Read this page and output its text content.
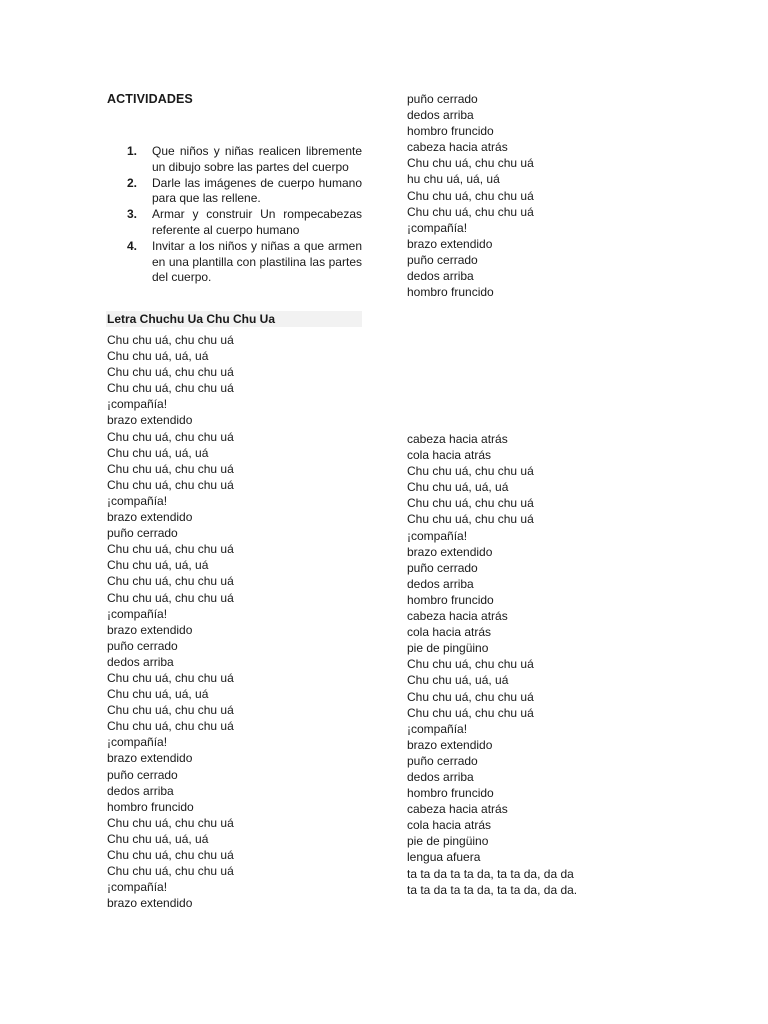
ACTIVIDADES
1.	Que niños y niñas realicen libremente un dibujo sobre las partes del cuerpo
2.	Darle las imágenes de cuerpo humano para que las rellene.
3.	Armar y construir Un rompecabezas referente al cuerpo humano
4.	Invitar a los niños y niñas a que armen en una plantilla con plastilina las partes del cuerpo.
Letra Chuchu Ua Chu Chu Ua
Chu chu uá, chu chu uá
Chu chu uá, uá, uá
Chu chu uá, chu chu uá
Chu chu uá, chu chu uá
¡compañía!
brazo extendido
Chu chu uá, chu chu uá
Chu chu uá, uá, uá
Chu chu uá, chu chu uá
Chu chu uá, chu chu uá
¡compañía!
brazo extendido
puño cerrado
Chu chu uá, chu chu uá
Chu chu uá, uá, uá
Chu chu uá, chu chu uá
Chu chu uá, chu chu uá
¡compañía!
brazo extendido
puño cerrado
dedos arriba
Chu chu uá, chu chu uá
Chu chu uá, uá, uá
Chu chu uá, chu chu uá
Chu chu uá, chu chu uá
¡compañía!
brazo extendido
puño cerrado
dedos arriba
hombro fruncido
Chu chu uá, chu chu uá
Chu chu uá, uá, uá
Chu chu uá, chu chu uá
Chu chu uá, chu chu uá
¡compañía!
brazo extendido
puño cerrado
dedos arriba
hombro fruncido
cabeza hacia atrás
Chu chu uá, chu chu uá
hu chu uá, uá, uá
Chu chu uá, chu chu uá
Chu chu uá, chu chu uá
¡compañía!
brazo extendido
puño cerrado
dedos arriba
hombro fruncido
cabeza hacia atrás
cola hacia atrás
Chu chu uá, chu chu uá
Chu chu uá, uá, uá
Chu chu uá, chu chu uá
Chu chu uá, chu chu uá
¡compañía!
brazo extendido
puño cerrado
dedos arriba
hombro fruncido
cabeza hacia atrás
cola hacia atrás
pie de pingüino
Chu chu uá, chu chu uá
Chu chu uá, uá, uá
Chu chu uá, chu chu uá
Chu chu uá, chu chu uá
¡compañía!
brazo extendido
puño cerrado
dedos arriba
hombro fruncido
cabeza hacia atrás
cola hacia atrás
pie de pingüino
lengua afuera
ta ta da ta ta da, ta ta da, da da
ta ta da ta ta da, ta ta da, da da.
